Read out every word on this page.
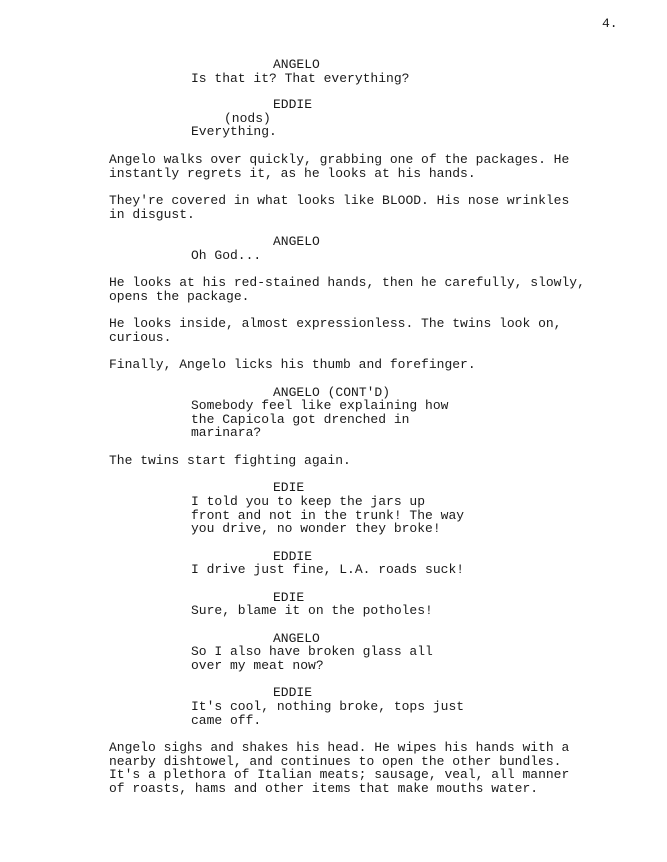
4.
ANGELO
Is that it? That everything?
EDDIE
(nods)
Everything.
Angelo walks over quickly, grabbing one of the packages. He
instantly regrets it, as he looks at his hands.
They're covered in what looks like BLOOD. His nose wrinkles
in disgust.
ANGELO
Oh God...
He looks at his red-stained hands, then he carefully, slowly,
opens the package.
He looks inside, almost expressionless. The twins look on,
curious.
Finally, Angelo licks his thumb and forefinger.
ANGELO (CONT'D)
Somebody feel like explaining how
the Capicola got drenched in
marinara?
The twins start fighting again.
EDIE
I told you to keep the jars up
front and not in the trunk! The way
you drive, no wonder they broke!
EDDIE
I drive just fine, L.A. roads suck!
EDIE
Sure, blame it on the potholes!
ANGELO
So I also have broken glass all
over my meat now?
EDDIE
It's cool, nothing broke, tops just
came off.
Angelo sighs and shakes his head. He wipes his hands with a
nearby dishtowel, and continues to open the other bundles.
It's a plethora of Italian meats; sausage, veal, all manner
of roasts, hams and other items that make mouths water.
